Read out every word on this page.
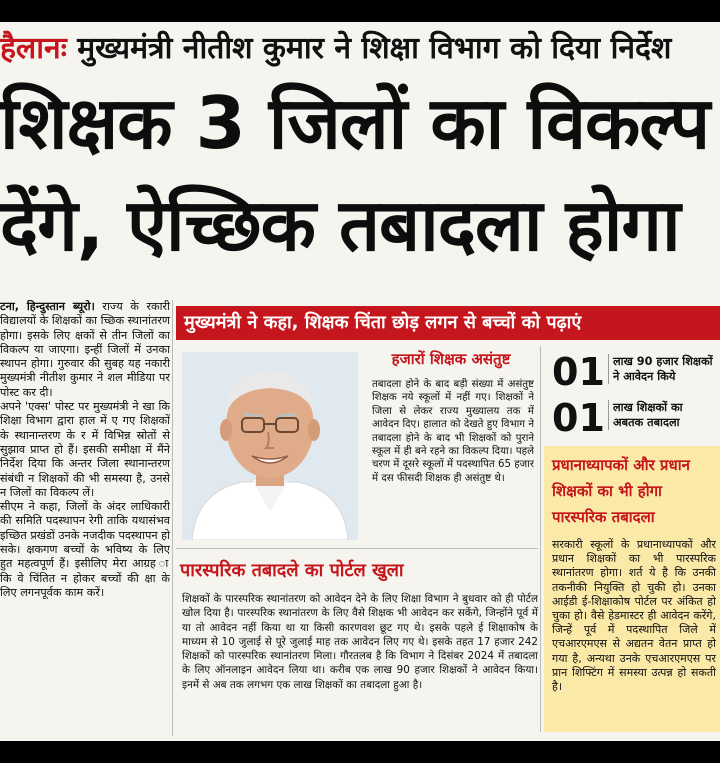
हैलानः मुख्यमंत्री नीतीश कुमार ने शिक्षा विभाग को दिया निर्देश
शिक्षक 3 जिलों का विकल्प
देंगे, ऐच्छिक तबादला होगा

टना, हिन्दुस्तान ब्यूरो। राज्य के रकारी विद्यालयों के शिक्षकों का च्छिक स्थानांतरण होगा। इसके लिए क्षकों से तीन जिलों का विकल्प या जाएगा। इन्हीं जिलों में उनका स्थापन होगा। गुरुवार की सुबह यह नकारी मुख्यमंत्री नीतीश कुमार ने शल मीडिया पर पोस्ट कर दी।

अपने 'एक्स' पोस्ट पर मुख्यमंत्री ने खा कि शिक्षा विभाग द्वारा हाल में ए गए शिक्षकों के स्थानान्तरण के र में विभिन्न स्रोतों से सुझाव प्राप्त हो हैं। इसकी समीक्षा में मैंने निर्देश दिया कि अन्तर जिला स्थानान्तरण संबंधी न शिक्षकों की भी समस्या है, उनसे न जिलों का विकल्प लें।

सीएम ने कहा, जिलों के अंदर लाधिकारी की समिति पदस्थापन रेगी ताकि यथासंभव इच्छित प्रखंडों उनके नजदीक पदस्थापन हो सके। क्षकगण बच्चों के भविष्य के लिए हुत महत्वपूर्ण हैं। इसीलिए मेरा आग्रह ा कि वे चिंतित न होकर बच्चों की क्षा के लिए लगनपूर्वक काम करें।

मुख्यमंत्री ने कहा, शिक्षक चिंता छोड़ लगन से बच्चों को पढ़ाएं
हजारों शिक्षक असंतुष्ट
तबादला होने के बाद बड़ी संख्या में असंतुष्ट शिक्षक नये स्कूलों में नहीं गए। शिक्षकों ने जिला से लेकर राज्य मुख्यालय तक में आवेदन दिए। हालात को देखते हुए विभाग ने तबादला होने के बाद भी शिक्षकों को पुराने स्कूल में ही बने रहने का विकल्प दिया। पहले चरण में दूसरे स्कूलों में पदस्थापित 65 हजार में दस फीसदी शिक्षक ही असंतुष्ट थे।
01 लाख 90 हजार शिक्षकों ने आवेदन किये
01 लाख शिक्षकों का अबतक तबादला
प्रधानाध्यापकों और प्रधान शिक्षकों का भी होगा पारस्परिक तबादला
सरकारी स्कूलों के प्रधानाध्यापकों और प्रधान शिक्षकों का भी पारस्परिक स्थानांतरण होगा। शर्त ये है कि उनकी तकनीकी नियुक्ति हो चुकी हो। उनका आईडी ई-शिक्षाकोष पोर्टल पर अंकित हो चुका हो। वैसे हेडमास्टर ही आवेदन करेंगे, जिन्हें पूर्व में पदस्थापित जिले में एचआरएमएस से अद्यतन वेतन प्राप्त हो गया है, अन्यथा उनके एचआरएमएस पर प्रान शिफ्टिंग में समस्या उत्पन्न हो सकती है।
पारस्परिक तबादले का पोर्टल खुला
शिक्षकों के पारस्परिक स्थानांतरण को आवेदन देने के लिए शिक्षा विभाग ने बुधवार को ही पोर्टल खोल दिया है। पारस्परिक स्थानांतरण के लिए वैसे शिक्षक भी आवेदन कर सकेंगे, जिन्होंने पूर्व में या तो आवेदन नहीं किया था या किसी कारणवश छूट गए थे। इसके पहले ई शिक्षाकोष के माध्यम से 10 जुलाई से पूरे जुलाई माह तक आवेदन लिए गए थे। इसके तहत 17 हजार 242 शिक्षकों को पारस्परिक स्थानांतरण मिला। गौरतलब है कि विभाग ने दिसंबर 2024 में तबादला के लिए ऑनलाइन आवेदन लिया था। करीब एक लाख 90 हजार शिक्षकों ने आवेदन किया। इनमें से अब तक लगभग एक लाख शिक्षकों का तबादला हुआ है।
